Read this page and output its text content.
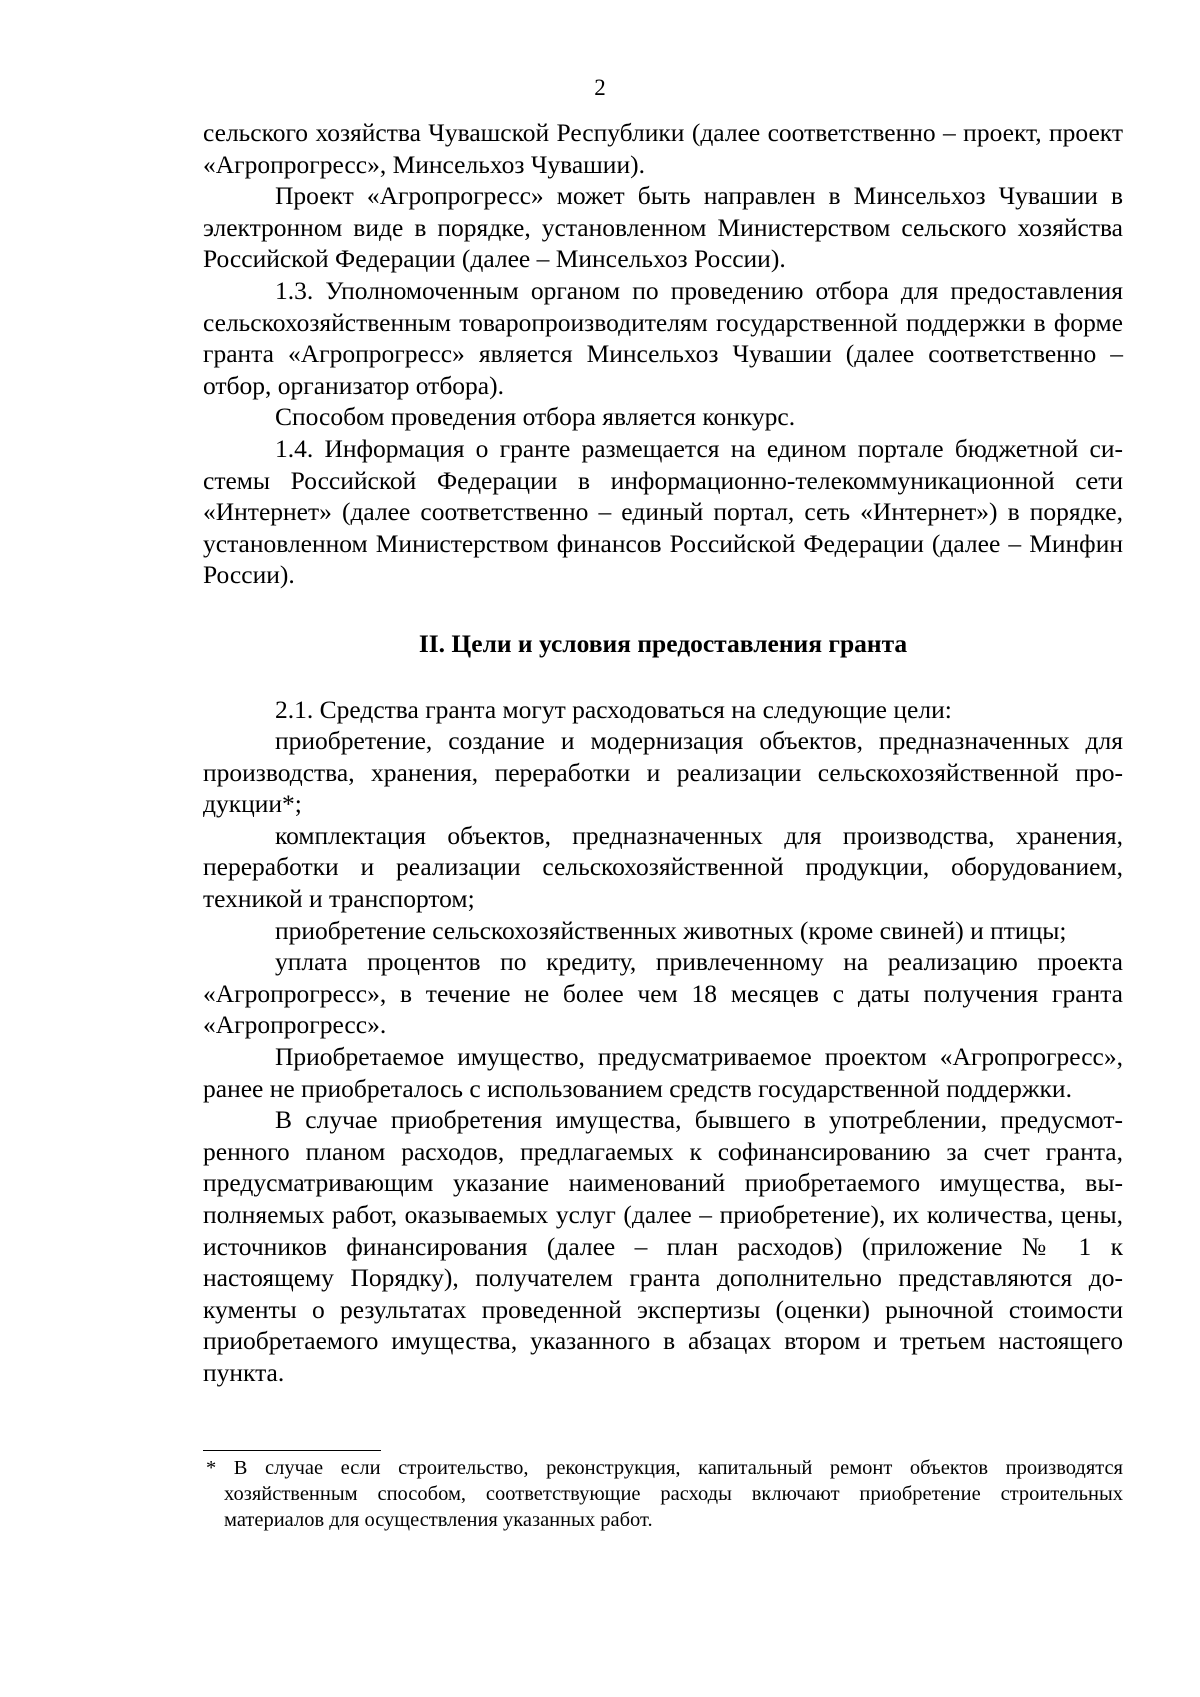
2

сельского хозяйства Чувашской Республики (далее соответственно – проект, проект «Агропрогресс», Минсельхоз Чувашии).

Проект «Агропрогресс» может быть направлен в Минсельхоз Чувашии в электронном виде в порядке, установленном Министерством сельского хозяйства Российской Федерации (далее – Минсельхоз России).

1.3. Уполномоченным органом по проведению отбора для предоставления сельскохозяйственным товаропроизводителям государственной поддержки в форме гранта «Агропрогресс» является Минсельхоз Чувашии (далее соответственно – отбор, организатор отбора).

Способом проведения отбора является конкурс.

1.4. Информация о гранте размещается на едином портале бюджетной системы Российской Федерации в информационно-телекоммуникационной сети «Интернет» (далее соответственно – единый портал, сеть «Интернет») в порядке, установленном Министерством финансов Российской Федерации (далее – Минфин России).

II. Цели и условия предоставления гранта

2.1. Средства гранта могут расходоваться на следующие цели:

приобретение, создание и модернизация объектов, предназначенных для производства, хранения, переработки и реализации сельскохозяйственной продукции*;

комплектация объектов, предназначенных для производства, хранения, переработки и реализации сельскохозяйственной продукции, оборудованием, техникой и транспортом;

приобретение сельскохозяйственных животных (кроме свиней) и птицы;

уплата процентов по кредиту, привлеченному на реализацию проекта «Агропрогресс», в течение не более чем 18 месяцев с даты получения гранта «Агропрогресс».

Приобретаемое имущество, предусматриваемое проектом «Агропрогресс», ранее не приобреталось с использованием средств государственной поддержки.

В случае приобретения имущества, бывшего в употреблении, предусмотренного планом расходов, предлагаемых к софинансированию за счет гранта, предусматривающим указание наименований приобретаемого имущества, выполняемых работ, оказываемых услуг (далее – приобретение), их количества, цены, источников финансирования (далее – план расходов) (приложение № 1 к настоящему Порядку), получателем гранта дополнительно представляются документы о результатах проведенной экспертизы (оценки) рыночной стоимости приобретаемого имущества, указанного в абзацах втором и третьем настоящего пункта.

* В случае если строительство, реконструкция, капитальный ремонт объектов производятся хозяйственным способом, соответствующие расходы включают приобретение строительных материалов для осуществления указанных работ.
